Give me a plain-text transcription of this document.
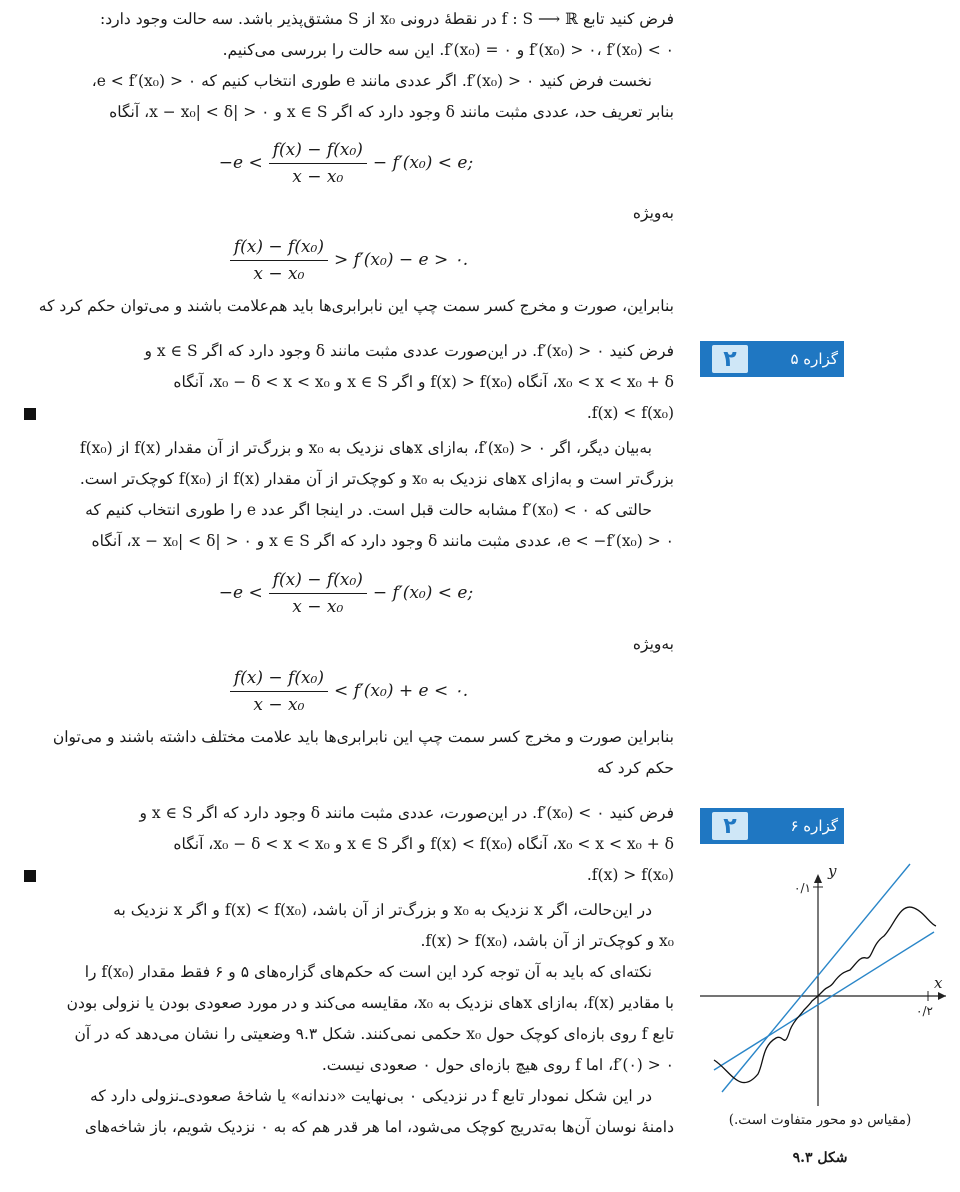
فرض کنید تابع f : S ⟶ ℝ در نقطهٔ درونی x₀ از S مشتق‌پذیر باشد. سه حالت وجود دارد:

f′(x₀) > ۰، f′(x₀) < ۰ و f′(x₀) = ۰. این سه حالت را بررسی می‌کنیم.

نخست فرض کنید f′(x₀) > ۰. اگر عددی مانند e طوری انتخاب کنیم که ۰ < e < f′(x₀)،

بنابر تعریف حد، عددی مثبت مانند δ وجود دارد که اگر x ∈ S و ۰ < |x − x₀| < δ، آنگاه

$-e < \frac{\text{f(x) − f(x₀)}}{\text{x − x₀}} - f'(x_0) < e$;

به‌ویژه

$\frac{\text{f(x) − f(x₀)}}{\text{x − x₀}} > f'(x_0) - e$ > ۰.

بنابراین، صورت و مخرج کسر سمت چپ این نابرابری‌ها باید هم‌علامت باشند و می‌توان حکم کرد که

فرض کنید f′(x₀) > ۰. در این‌صورت عددی مثبت مانند δ وجود دارد که اگر x ∈ S و

x₀ < x < x₀ + δ، آنگاه f(x) > f(x₀) و اگر x ∈ S و x₀ − δ < x < x₀، آنگاه

f(x) < f(x₀).

به‌بیان دیگر، اگر f′(x₀) > ۰، به‌ازای xهای نزدیک به x₀ و بزرگ‌تر از آن مقدار f(x) از f(x₀)

بزرگ‌تر است و به‌ازای xهای نزدیک به x₀ و کوچک‌تر از آن مقدار f(x) از f(x₀) کوچک‌تر است.

حالتی که f′(x₀) < ۰ مشابه حالت قبل است. در اینجا اگر عدد e را طوری انتخاب کنیم که

۰ < e < −f′(x₀)، عددی مثبت مانند δ وجود دارد که اگر x ∈ S و ۰ < |x − x₀| < δ، آنگاه

$-e < \frac{\text{f(x) − f(x₀)}}{\text{x − x₀}} - f'(x_0) < e$;

به‌ویژه

$\frac{\text{f(x) − f(x₀)}}{\text{x − x₀}} < f'(x_0) + e$ < ۰.

بنابراین صورت و مخرج کسر سمت چپ این نابرابری‌ها باید علامت مختلف داشته باشند و می‌توان

حکم کرد که

فرض کنید f′(x₀) < ۰. در این‌صورت، عددی مثبت مانند δ وجود دارد که اگر x ∈ S و

x₀ < x < x₀ + δ، آنگاه f(x) < f(x₀) و اگر x ∈ S و x₀ − δ < x < x₀، آنگاه

f(x) > f(x₀).

در این‌حالت، اگر x نزدیک به x₀ و بزرگ‌تر از آن باشد، f(x) < f(x₀) و اگر x نزدیک به

x₀ و کوچک‌تر از آن باشد، f(x) > f(x₀).

نکته‌ای که باید به آن توجه کرد این است که حکم‌های گزاره‌های ۵ و ۶ فقط مقدار f(x₀) را

با مقادیر f(x)، به‌ازای xهای نزدیک به x₀، مقایسه می‌کند و در مورد صعودی بودن یا نزولی بودن

تابع f روی بازه‌ای کوچک حول x₀ حکمی نمی‌کنند. شکل ۹.۳ وضعیتی را نشان می‌دهد که در آن

f′(۰) > ۰، اما f روی هیچ بازه‌ای حول ۰ صعودی نیست.

در این شکل نمودار تابع f در نزدیکی ۰ بی‌نهایت «دندانه» یا شاخهٔ صعودی‌ـ‌نزولی دارد که

دامنهٔ نوسان آن‌ها به‌تدریج کوچک می‌شود، اما هر قدر هم که به ۰ نزدیک شویم، باز شاخه‌های

۲	گزاره ۵
۲	گزاره ۶
y
x
۰/۱
۰/۲
(مقیاس دو محور متفاوت است.)
شکل ۹.۳
